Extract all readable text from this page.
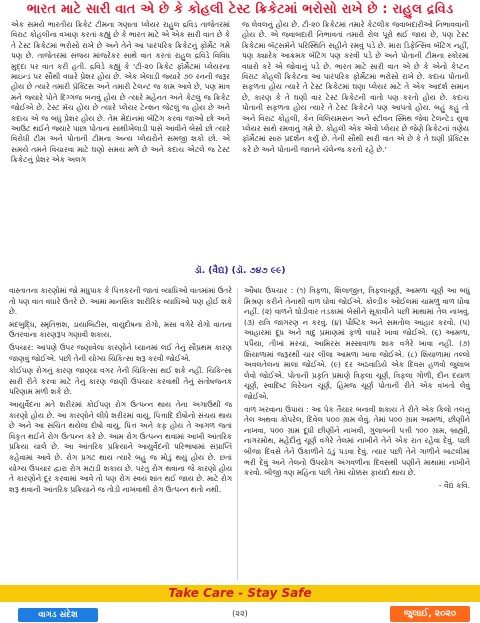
ભારત માટે સારી વાત એ છે કે કોહલી ટેસ્ટ ક્રિકેટમાં ભરોસો રાખે છે : રાહુલ દ્રવિડ

એક સમયે ભારતીય ક્રિકેટ ટીમના ગણાતા પ્લેયર રાહુલ દ્રવિડ તાજેતરમાં વિરાટ કોહલીના વખાણ કરતાં કહ્યું છે કે ભારત માટે એ એક સારી વાત છે કે તે ટેસ્ટ ક્રિકેટમાં ભરોસો રાખે છે અને તેને આ પારંપરિક ક્રિકેટનું ફોર્મેટ ગમે પણ છે. તાજેતરમાં સંજય માંજરેકર સાથે વાત કરતાં રાહુલ દ્રવિડે વિવિધ મુદ્દા પર વાત કરી હતી. દ્રવિડે કહ્યું કે ‘ટી-૨૦ ક્રિકેટ ફૉર્મેટમાં પ્લેયરના માઇન્ડ પર સૌથી વધારે પ્રેશર હોય છે. એક ખેલાડી જ્યારે ૭૦ રનની જરૂર હોય છે ત્યારે તમારી પ્રૅક્ટિસ અને તમારી ટેલન્ટ જ કામ આવે છે, પણ માત્ર મને જ્યારે પોતે દિગ્ગજ બનવું હોય છે ત્યારે મહેનત અને કેટલું જ ક્રિકેટ જોઈએ છે. ટેસ્ટ મૅચ હોય છે ત્યારે પ્લેયર ટેન્શન જેટલું જ હોય છે અને કદાચ એ જ બધું પ્રેશર હોય છે. તેમ મેદાનમાં બૅટિંગ કરવા જાઓ છો અને આઉટ થઈને જ્યારે પાછા પોતાના સાથીખેલાડી પાસે આવીને બેસો છો ત્યારે વિરોધી ટીમ અને પોતાની ટીમના અન્ય પ્લેયરોને સમજી શકો છો. એ સમયે તમને વિચારવા માટે ઘણો સમય મળે છે અને કદાચ એટલે જ ટેસ્ટ ક્રિકેટનું પ્રેશર એક અલગ

જ લેવલનું હોય છે. ટી-૨૦ ક્રિકેટમાં તમારે કેટલીક જવાબદારીઓ નિભાવવાની હોય છે. એ જવાબદારી નિભાવતાં તમારો રોલ પૂરો થઈ જાય છે, પણ ટેસ્ટ ક્રિકેટમાં બૅટ્સમૅને પરિસ્થિતિ સહીને રમવું પડે છે. મારા ડિફેન્સિવ બૅટિંગ નહીં, પણ ક્યારેક આક્રમક બૅટિંગ પણ કરવી પડે છે અને પોતાની ટીમના સ્કોરમાં વધારો કરે એ જોવાનું પડે છે. ભારત માટે સારી વાત એ છે કે એનો કેપ્ટન વિરાટ કોહલી ક્રિકેટના આ પારંપરિક ફોર્મેટમાં ભરોસો રાખે છે. કદાચ પોતાની સફળતા હોય ત્યારે તે ટેસ્ટ ક્રિકેટમાં ઘણા પ્લેયર માટે તે એક આદર્શ સમાન છે, કારણ કે તે ઘણી વાર ટેસ્ટ ક્રિકેટની વાતો પણ કરતો હોય છે. કદાચ પોતાની સફળતા હોય ત્યારે તે ટેસ્ટ ક્રિકેટને પણ આપતો હોય. બહું કહું તો અને વિરાટ કોહલી, કેન વિલિયમસન અને સ્ટીવન સ્મિથ જેવા ટેલન્ટેડ યુવા પ્લેયર સાથે રમવાનું ગમે છે. કોહલી એક એવો પ્લેયર છે જેણે ક્રિકેટનાં ત્રણેય ફૉર્મેટમાં સારું પ્રદર્શન કર્યું છે. તેની સૌથી સારી વાત એ છે કે તે ઘણી પ્રૅક્ટિસ કરે છે અને પોતાની જાતને ચૅલેન્જ કરતો રહે છે.’

ડૉ. (વૈદ્ય) (ડૉ. ૭૪૭ ૯૯)

વાસ્તાતના કારણોમાં જો મધુપાક કે પિત્તકરની જાતાં વ્યાધિઓ વાતમાંમાં ઉતરે તો પણ વાત વધારે ઉતરે છે. આમાં માનસિક શારીરિક વ્યાધિઓ પણ હોઈ શકે છે.

મંદબુદ્ધિ, સ્મૃતિભ્રંશ, ડાયાબિટીસ, વાયુદોષના રોગો, મસા વગેરે રોગો વાતના ઉતરવાના કારણરૂપ ગણાવી શકાય.

ઉપચાર: આપણે ઉપર જણાવેલા કારણોને ધ્યાનમાં લઈ તેનું સૌપ્રથમ કારણ જાણવું જોઈએ. પછી તેની યોગ્ય ચિકિત્સા શરૂ કરવી જોઈએ.

કોઈપણ રોગનું કારણ જાણ્યા વગર તેની ચિકિત્સા થઈ શકે નહીં. ચિકિત્સા સારી રીતે કરવા માટે તેનું કારણ જાણી ઉપચાર કરવાથી તેનું સંતોષજનક પરિણામ મળી શકે છે.

આયુર્વેદના મતે શરીરમાં કોઈપણ રોગ ઉત્પન્ન થાય તેના અગાઉથી જ કારણો હોય છે. આ કારણોને લીધે શરીરમાં વાયુ, પિત્તાદિ દોષોનો સંચય થાય છે અને આ સંચિત થયેલા દોષો વાયુ, પિત્ત અને કફ હોય તે આગળ જતાં વિકૃત થઈને રોગ ઉત્પન્ન કરે છે. આમ રોગ ઉત્પન્ન થવામાં આખી આંતરિક પ્રક્રિયા ચાલે છે. આ આંતરિક પ્રક્રિયાને આયુર્વેદની પરિભાષામાં સંપ્રાપ્તિ કહેવામાં આવે છે. રોગ પ્રગટ થાય ત્યારે બહુ જ મોડું થયું હોય છે. છતાં યોગ્ય ઉપચાર દ્વારા રોગ મટાડી શકાય છે. પરંતુ રોગ થવાના જે કારણો હોય તે કારણોને દૂર કરવામાં આવે તો પણ રોગ સ્વયં શાંત થઈ જાય છે. માટે રોગ શરૂ થવાની આંતરિક પ્રક્રિયાને જ તોડી નાખવાથી રોગ ઉત્પન્ન થતો નથી.

ઔષધ ઉપચાર : (૧) ત્રિફળા, શિલાજીત, ત્રિફલાચૂર્ણ, આમળા ચૂર્ણ આ બધું મિશ્રણ કરીને તેનાથી વાળ ધોવા જોઈએ. કોલ્ડીક ઓઈલમાં ચામળું વાળ ધોવા નહીં. (૨) વાળને ઘોડીવાર તડકામાં બેસીને સૂકાવીને પછી માથામાં તેલ નાખવું. (૩) રાત્રિ જાગરણ ન કરવું. (૪) પૌષ્ટિક અને સમતોલ આહાર કરવો. (૫) આહારમાં દૂધ અને ત્રાદુ પ્રમાણમાં ફળો વધારે ખાવા જોઈએ. (૬) આમળાં, પપૈયા, તીખાં મરચાં, આમિરસ મસ્સાવાળા શાક વગેરે ખાવા નહીં. (૭) શિયાળામાં જરૂરથી ચાર લીલા આમળા ખાવા જોઈએ. (૮) શિયાળામાં તલ્લો અવલતેલના માલા જોઈએ. (૯) દર અઠવાડિયે એક દિવસ હળવો જુલાબ લેવો જોઈએ. પોતાની પ્રકૃતિ પ્રમાણે ત્રિફલા ચૂર્ણ, ત્રિફલા ગોળી, દીન દયાળ ચૂર્ણ, સ્વાદિષ્ટ વિરેચન ચૂર્ણ, હિમજ ચૂર્ણ પોતાની રીતે એક વખતો લેવું જોઈએ.

વાળ ખરવાના ઉપાય : આ પેક તૈયાર બનાવી શકાય તે રીતે એક કિલો તલનું તેલ અથવા કોપરેલ, દિવેલ ૫૦૦ ગ્રામ લેવું. તેમાં ૫૦૦ ગ્રામ આમળાં, છીણીને નાખવા, ૫૦૦ ગ્રામ દૂધી છીણીને નાખવી, ગુલાબની પત્તી ૧૦૦ ગ્રામ, બ્રાહ્મી, નાગરમોથ, મહેંદીનું ચૂર્ણ વગેરે તેલમાં નાખીને તેને એક રાત રહેવા દેવું. પછી બીજા દિવસે તેને ઉકાળીને ઠંડું પડવા દેવું. ત્યાર પછી તેને ગાળીને બાટલીમાં ભરી દેવું અને તેલનો ઉપયોગ અંગવળીના દિવસથી પણીને માથામાં નાખીને કરવો. બીજી ત્રણ મહિના પછી તેમાં ચોક્કસ ફાયદો થાય છે.

- વૈદ્ય કવિ.

Take Care - Stay Safe
વાગડ સંદેશ	(૨૨)	જુલાઈ, ૨૦૨૦
